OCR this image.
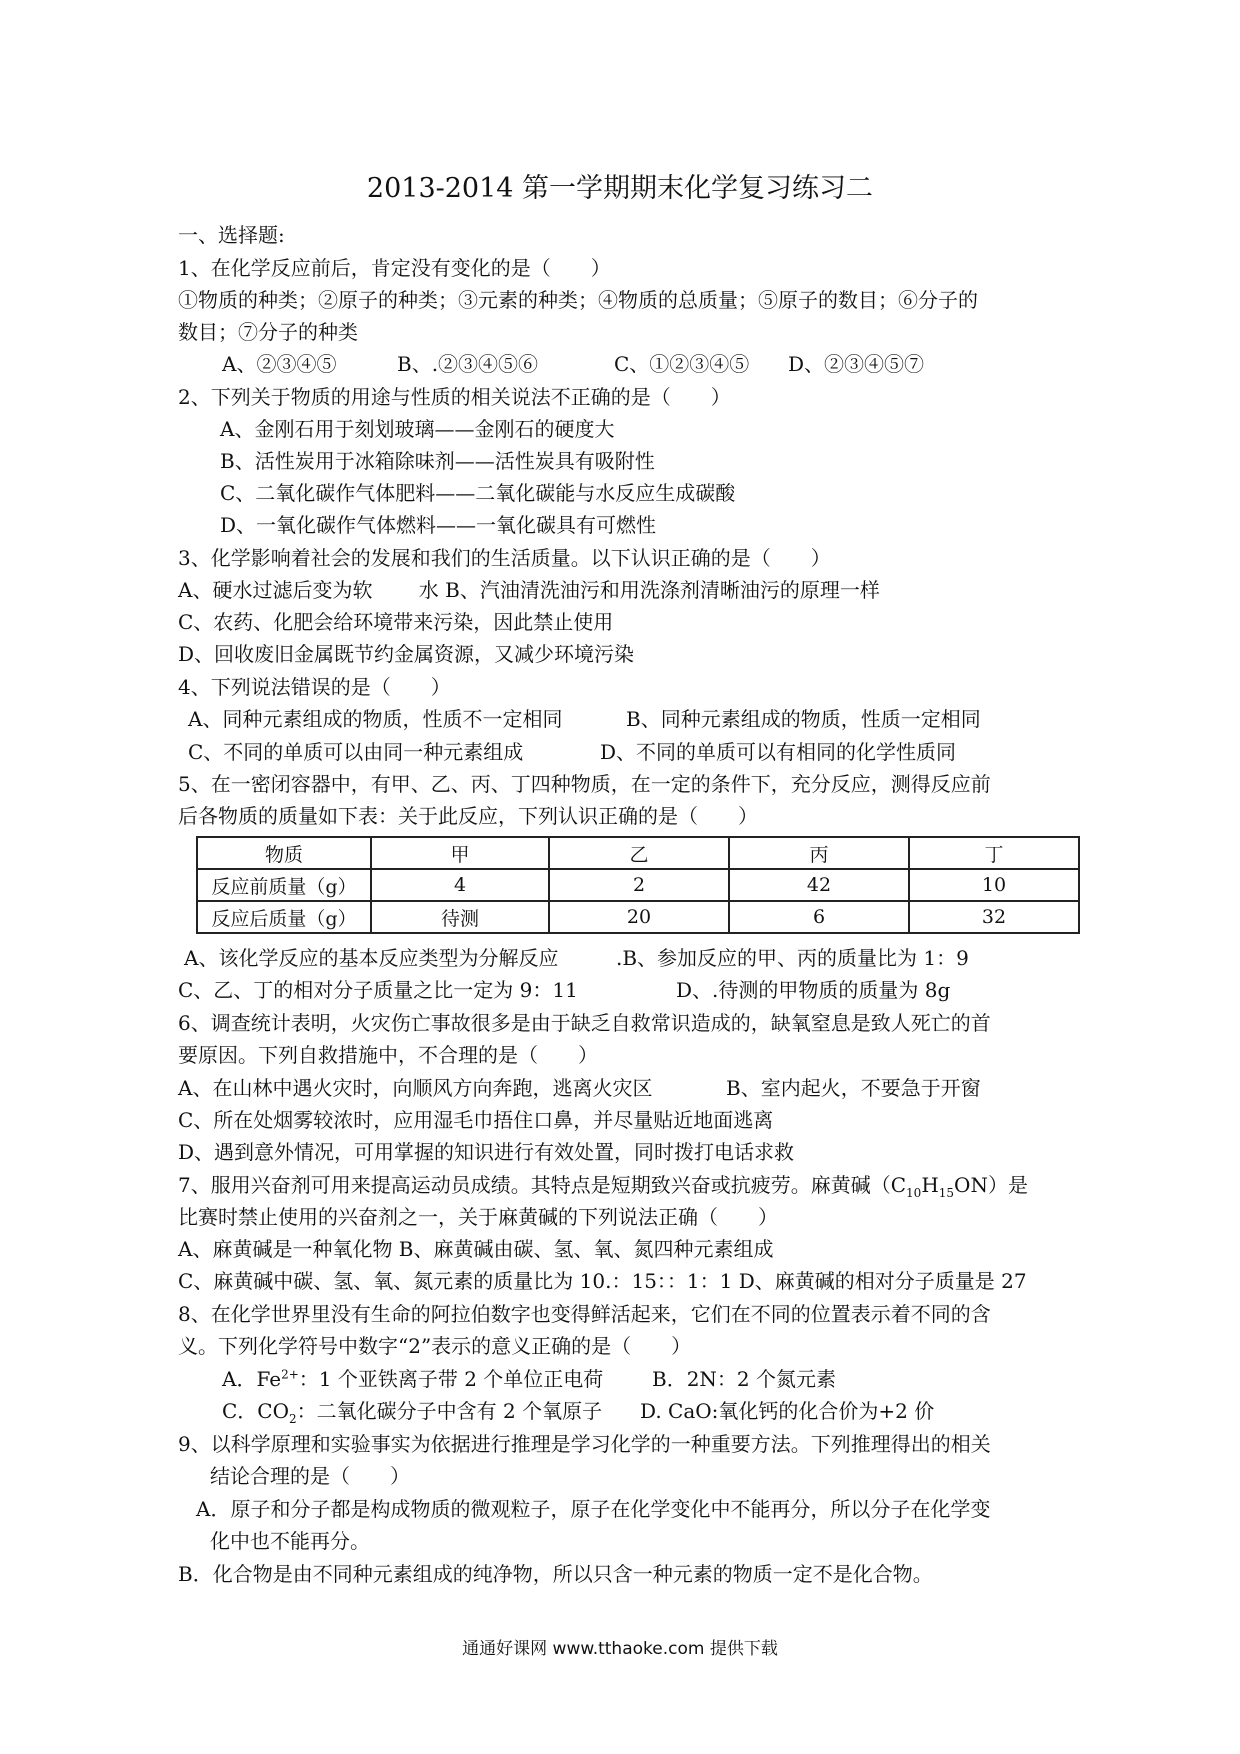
2013-2014 第一学期期末化学复习练习二
一、选择题:
1、在化学反应前后，肯定没有变化的是（　　）
①物质的种类；②原子的种类；③元素的种类；④物质的总质量；⑤原子的数目；⑥分子的
数目；⑦分子的种类
A、②③④⑤	B、.②③④⑤⑥	C、①②③④⑤ D、②③④⑤⑦
2、下列关于物质的用途与性质的相关说法不正确的是（　　）
A、金刚石用于刻划玻璃——金刚石的硬度大
B、活性炭用于冰箱除味剂——活性炭具有吸附性
C、二氧化碳作气体肥料——二氧化碳能与水反应生成碳酸
D、一氧化碳作气体燃料——一氧化碳具有可燃性
3、化学影响着社会的发展和我们的生活质量。以下认识正确的是（　　）
A、硬水过滤后变为软　　 水 B、汽油清洗油污和用洗涤剂清晰油污的原理一样
C、农药、化肥会给环境带来污染，因此禁止使用
D、回收废旧金属既节约金属资源，又减少环境污染
4、下列说法错误的是（　　）
A、同种元素组成的物质，性质不一定相同	B、同种元素组成的物质，性质一定相同
C、不同的单质可以由同一种元素组成	D、不同的单质可以有相同的化学性质同
5、在一密闭容器中，有甲、乙、丙、丁四种物质，在一定的条件下，充分反应，测得反应前
后各物质的质量如下表：关于此反应，下列认识正确的是（　　）
物质	甲	乙	丙	丁
反应前质量（g）	4	2	42	10
反应后质量（g）	待测	20	6	32
A、该化学反应的基本反应类型为分解反应	.B、参加反应的甲、丙的质量比为 1：9
C、乙、丁的相对分子质量之比一定为 9：11	D、.待测的甲物质的质量为 8g
6、调查统计表明，火灾伤亡事故很多是由于缺乏自救常识造成的，缺氧窒息是致人死亡的首
要原因。下列自救措施中，不合理的是（　　）
A、在山林中遇火灾时，向顺风方向奔跑，逃离火灾区	B、室内起火，不要急于开窗
C、所在处烟雾较浓时，应用湿毛巾捂住口鼻，并尽量贴近地面逃离
D、遇到意外情况，可用掌握的知识进行有效处置，同时拨打电话求救
7、服用兴奋剂可用来提高运动员成绩。其特点是短期致兴奋或抗疲劳。麻黄碱$(C_{10}H_{15}ON)$是
比赛时禁止使用的兴奋剂之一，关于麻黄碱的下列说法正确（　　）
A、麻黄碱是一种氧化物 B、麻黄碱由碳、氢、氧、氮四种元素组成
C、麻黄碱中碳、氢、氧、氮元素的质量比为 10.：15：：1：1 D、麻黄碱的相对分子质量是 27
8、在化学世界里没有生命的阿拉伯数字也变得鲜活起来，它们在不同的位置表示着不同的含
义。下列化学符号中数字“2”表示的意义正确的是（　　）
A．$Fe^{2+}$：1 个亚铁离子带 2 个单位正电荷 B．2N：2 个氮元素
C．$CO_2$：二氧化碳分子中含有 2 个氧原子 D. CaO:氧化钙的化合价为+2 价
9、以科学原理和实验事实为依据进行推理是学习化学的一种重要方法。下列推理得出的相关
结论合理的是（　　）
A．原子和分子都是构成物质的微观粒子，原子在化学变化中不能再分，所以分子在化学变
化中也不能再分。
B．化合物是由不同种元素组成的纯净物，所以只含一种元素的物质一定不是化合物。
通通好课网 www.tthaoke.com 提供下载
